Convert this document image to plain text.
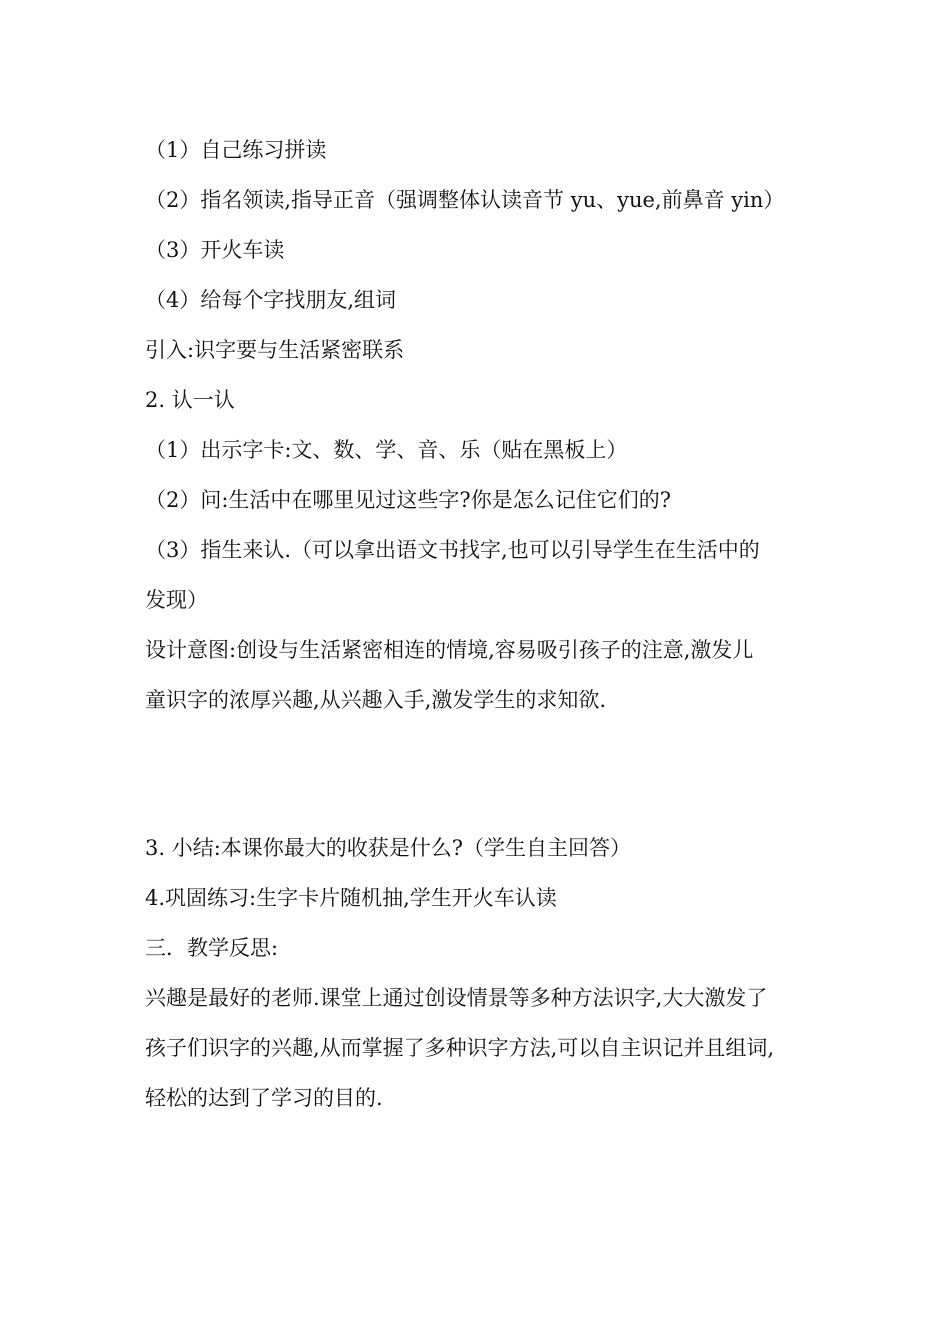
（1）自己练习拼读
（2）指名领读,指导正音（强调整体认读音节 yu、yue,前鼻音 yin）
（3）开火车读
（4）给每个字找朋友,组词
引入:识字要与生活紧密联系
2. 认一认
（1）出示字卡:文、数、学、音、乐（贴在黑板上）
（2）问:生活中在哪里见过这些字?你是怎么记住它们的?
（3）指生来认.（可以拿出语文书找字,也可以引导学生在生活中的
发现）
设计意图:创设与生活紧密相连的情境,容易吸引孩子的注意,激发儿
童识字的浓厚兴趣,从兴趣入手,激发学生的求知欲.
3. 小结:本课你最大的收获是什么?（学生自主回答）
4.巩固练习:生字卡片随机抽,学生开火车认读
三．教学反思:
兴趣是最好的老师.课堂上通过创设情景等多种方法识字,大大激发了
孩子们识字的兴趣,从而掌握了多种识字方法,可以自主识记并且组词,
轻松的达到了学习的目的.
